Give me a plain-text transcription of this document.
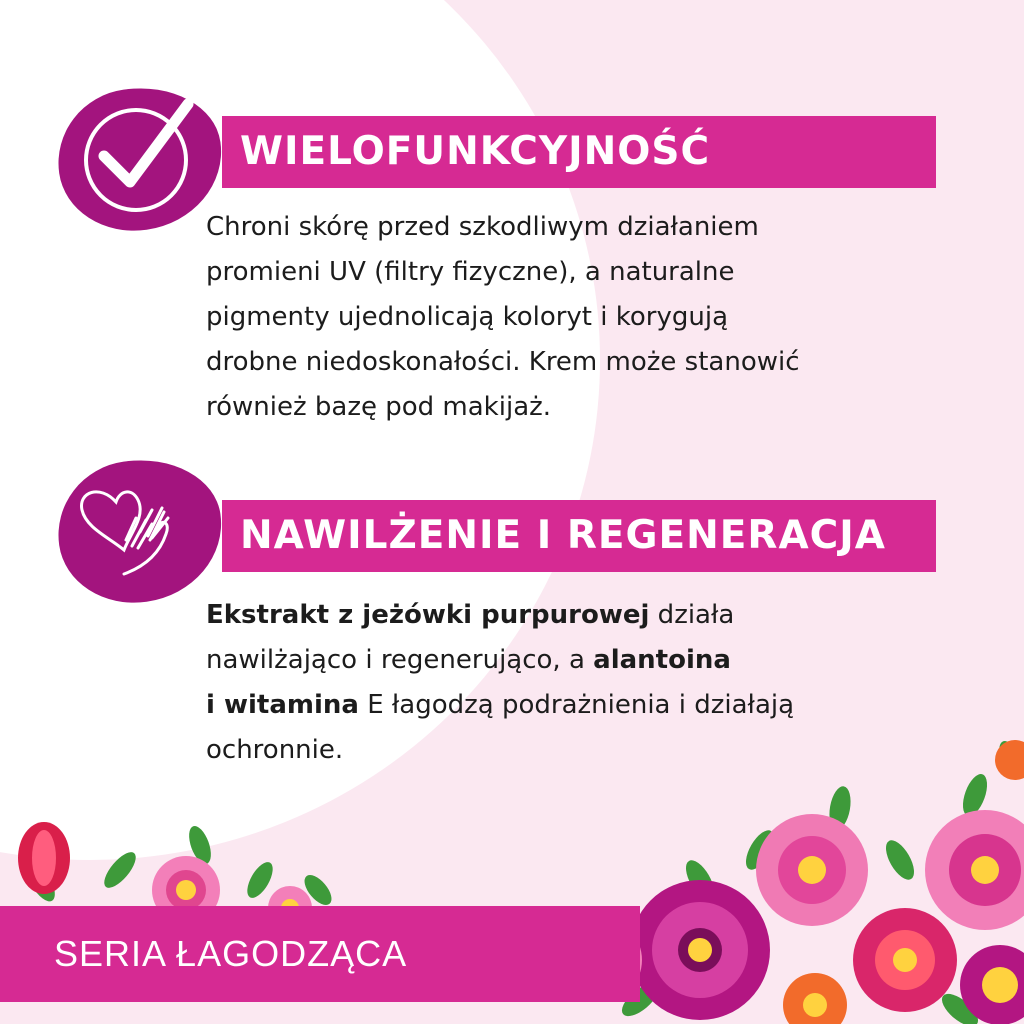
WIELOFUNKCYJNOŚĆ
Chroni skórę przed szkodliwym działaniem
promieni UV (filtry fizyczne), a naturalne
pigmenty ujednolicają koloryt i korygują
drobne niedoskonałości. Krem może stanowić
również bazę pod makijaż.
NAWILŻENIE I REGENERACJA
Ekstrakt z jeżówki purpurowej działa
nawilżająco i regenerująco, a alantoina
i witamina E łagodzą podrażnienia i działają
ochronnie.
SERIA ŁAGODZĄCA
